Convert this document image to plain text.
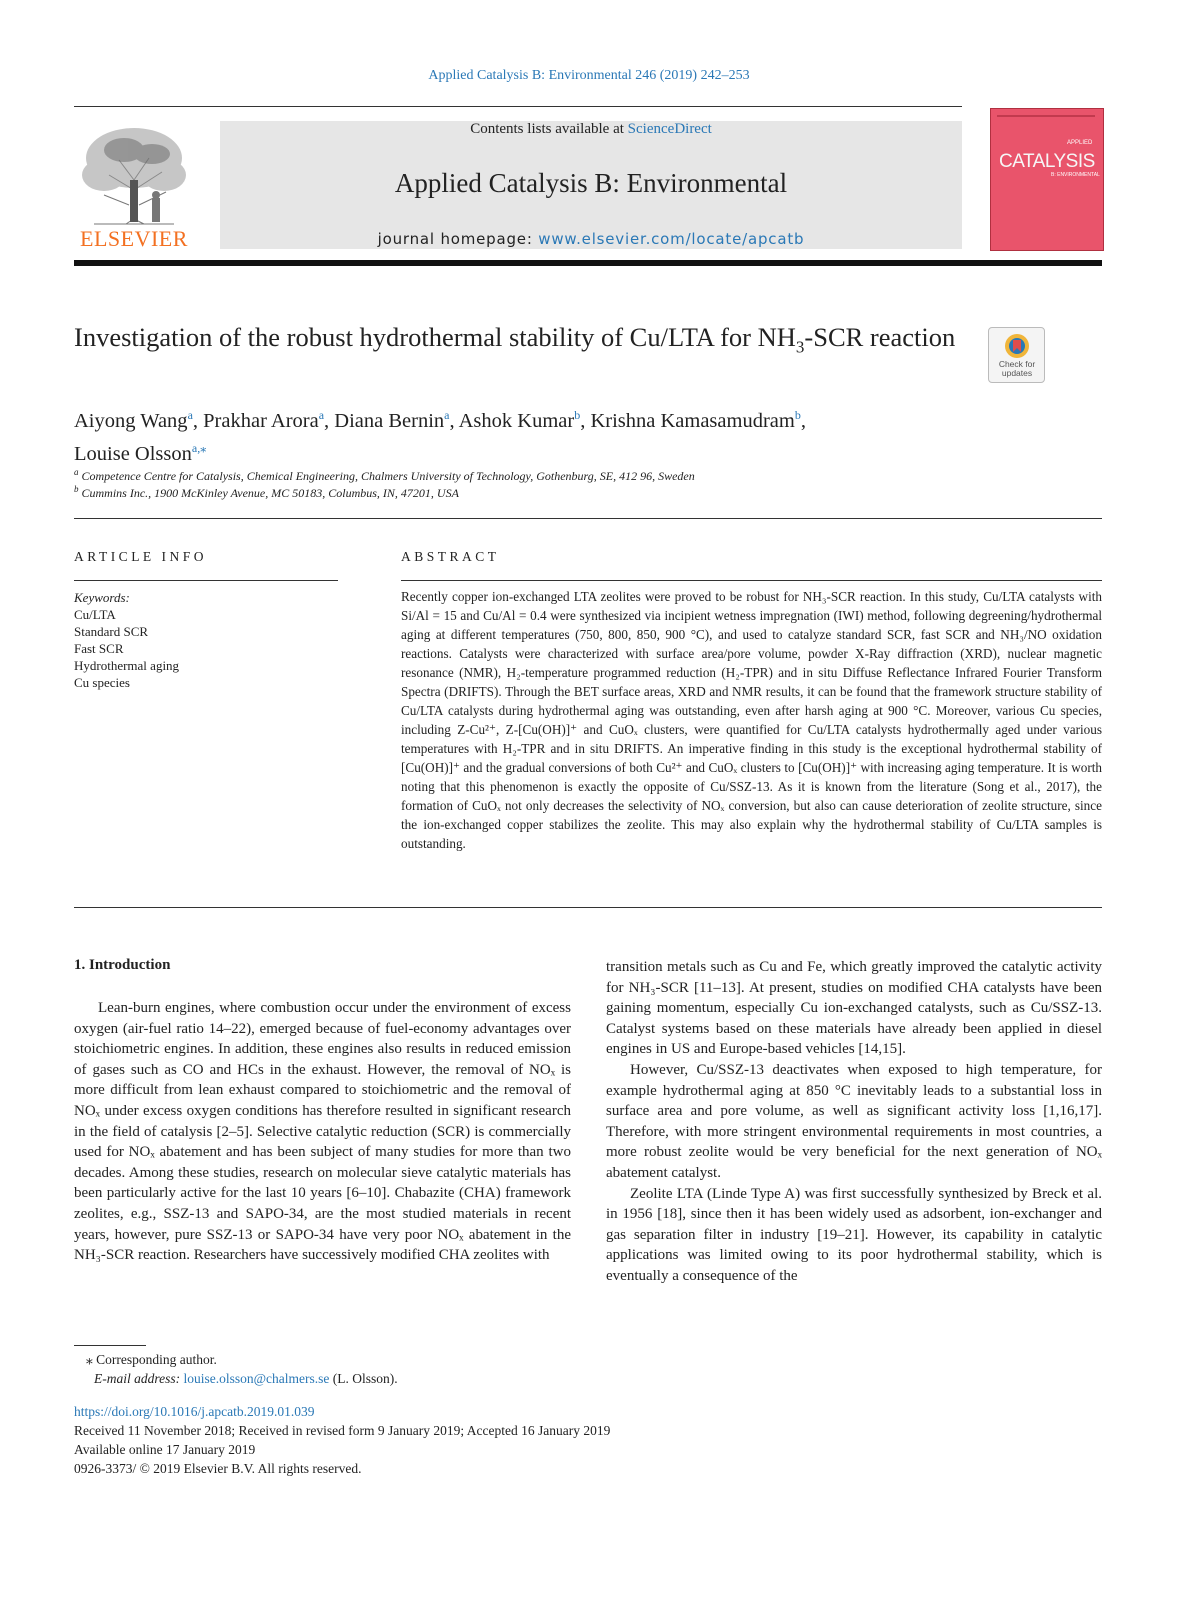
Applied Catalysis B: Environmental 246 (2019) 242–253
ELSEVIER
Contents lists available at ScienceDirect
Applied Catalysis B: Environmental
journal homepage: www.elsevier.com/locate/apcatb
APPLIED
CATALYSIS
B: ENVIRONMENTAL
Investigation of the robust hydrothermal stability of Cu/LTA for $NH_3$-SCR reaction
Check for updates
Aiyong Wang$^a$, Prakhar Arora$^a$, Diana Bernin$^a$, Ashok Kumar$^b$, Krishna Kamasamudram$^b$,
Louise Olsson$^{a,⁎}$
$^a$ Competence Centre for Catalysis, Chemical Engineering, Chalmers University of Technology, Gothenburg, SE, 412 96, Sweden
$^b$ Cummins Inc., 1900 McKinley Avenue, MC 50183, Columbus, IN, 47201, USA
ARTICLE INFO	ABSTRACT
Keywords:
Cu/LTA
Standard SCR
Fast SCR
Hydrothermal aging
Cu species
Recently copper ion-exchanged LTA zeolites were proved to be robust for NH₃-SCR reaction. In this study, Cu/LTA catalysts with Si/Al = 15 and Cu/Al = 0.4 were synthesized via incipient wetness impregnation (IWI) method, following degreening/hydrothermal aging at different temperatures (750, 800, 850, 900 °C), and used to catalyze standard SCR, fast SCR and NH₃/NO oxidation reactions. Catalysts were characterized with surface area/pore volume, powder X-Ray diffraction (XRD), nuclear magnetic resonance (NMR), H₂-temperature programmed reduction (H₂-TPR) and in situ Diffuse Reflectance Infrared Fourier Transform Spectra (DRIFTS). Through the BET surface areas, XRD and NMR results, it can be found that the framework structure stability of Cu/LTA catalysts during hydrothermal aging was outstanding, even after harsh aging at 900 °C. Moreover, various Cu species, including Z-Cu²⁺, Z-[Cu(OH)]⁺ and CuOₓ clusters, were quantified for Cu/LTA catalysts hydrothermally aged under various temperatures with H₂-TPR and in situ DRIFTS. An imperative finding in this study is the exceptional hydrothermal stability of [Cu(OH)]⁺ and the gradual conversions of both Cu²⁺ and CuOₓ clusters to [Cu(OH)]⁺ with increasing aging temperature. It is worth noting that this phenomenon is exactly the opposite of Cu/SSZ-13. As it is known from the literature (Song et al., 2017), the formation of CuOₓ not only decreases the selectivity of NOₓ conversion, but also can cause deterioration of zeolite structure, since the ion-exchanged copper stabilizes the zeolite. This may also explain why the hydrothermal stability of Cu/LTA samples is outstanding.
1. Introduction

Lean-burn engines, where combustion occur under the environment of excess oxygen (air-fuel ratio 14–22), emerged because of fuel-economy advantages over stoichiometric engines. In addition, these engines also results in reduced emission of gases such as CO and HCs in the exhaust. However, the removal of NOₓ is more difficult from lean exhaust compared to stoichiometric and the removal of NOₓ under excess oxygen conditions has therefore resulted in significant research in the field of catalysis [2–5]. Selective catalytic reduction (SCR) is commercially used for NOₓ abatement and has been subject of many studies for more than two decades. Among these studies, research on molecular sieve catalytic materials has been particularly active for the last 10 years [6–10]. Chabazite (CHA) framework zeolites, e.g., SSZ-13 and SAPO-34, are the most studied materials in recent years, however, pure SSZ-13 or SAPO-34 have very poor NOₓ abatement in the NH₃-SCR reaction. Researchers have successively modified CHA zeolites with

transition metals such as Cu and Fe, which greatly improved the catalytic activity for NH₃-SCR [11–13]. At present, studies on modified CHA catalysts have been gaining momentum, especially Cu ion-exchanged catalysts, such as Cu/SSZ-13. Catalyst systems based on these materials have already been applied in diesel engines in US and Europe-based vehicles [14,15].

However, Cu/SSZ-13 deactivates when exposed to high temperature, for example hydrothermal aging at 850 °C inevitably leads to a substantial loss in surface area and pore volume, as well as significant activity loss [1,16,17]. Therefore, with more stringent environmental requirements in most countries, a more robust zeolite would be very beneficial for the next generation of NOₓ abatement catalyst.

Zeolite LTA (Linde Type A) was first successfully synthesized by Breck et al. in 1956 [18], since then it has been widely used as adsorbent, ion-exchanger and gas separation filter in industry [19–21]. However, its capability in catalytic applications was limited owing to its poor hydrothermal stability, which is eventually a consequence of the

⁎ Corresponding author.
E-mail address: louise.olsson@chalmers.se (L. Olsson).
https://doi.org/10.1016/j.apcatb.2019.01.039
Received 11 November 2018; Received in revised form 9 January 2019; Accepted 16 January 2019
Available online 17 January 2019
0926-3373/ © 2019 Elsevier B.V. All rights reserved.
